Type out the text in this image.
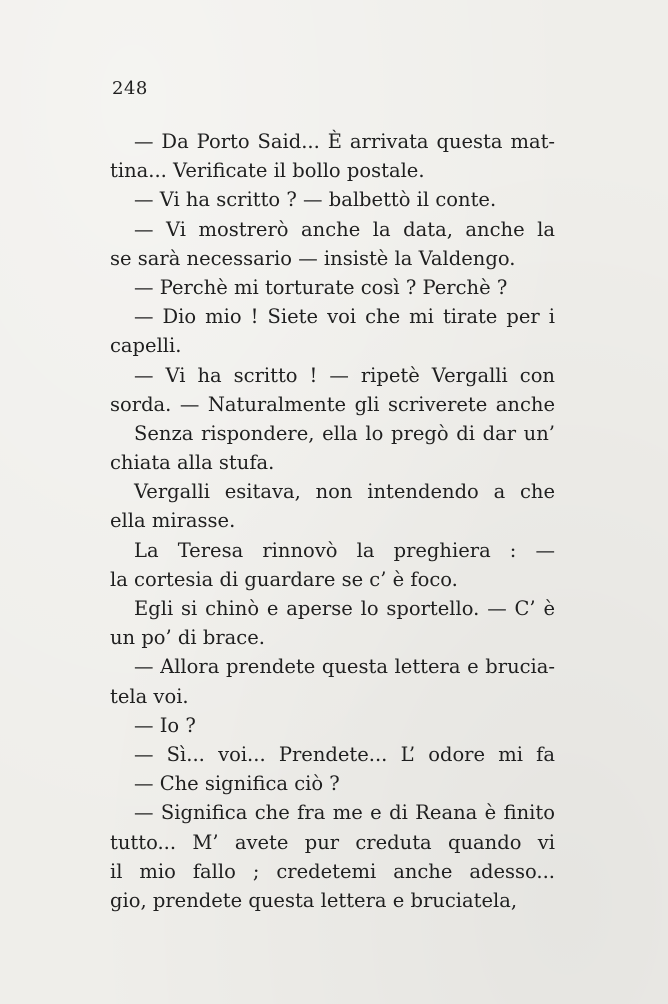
248
— Da Porto Said... È arrivata questa mat-
tina... Verificate il bollo postale.
— Vi ha scritto ? — balbettò il conte.
— Vi mostrerò anche la data, anche la
se sarà necessario — insistè la Valdengo.
— Perchè mi torturate così ? Perchè ?
— Dio mio ! Siete voi che mi tirate per i
capelli.
— Vi ha scritto ! — ripetè Vergalli con
sorda. — Naturalmente gli scriverete anche
Senza rispondere, ella lo pregò di dar un’
chiata alla stufa.
Vergalli esitava, non intendendo a che
ella mirasse.
La Teresa rinnovò la preghiera : —
la cortesia di guardare se c’ è foco.
Egli si chinò e aperse lo sportello. — C’ è
un po’ di brace.
— Allora prendete questa lettera e brucia-
tela voi.
— Io ?
— Sì... voi... Prendete... L’ odore mi fa
— Che significa ciò ?
— Significa che fra me e di Reana è finito
tutto... M’ avete pur creduta quando vi
il mio fallo ; credetemi anche adesso...
gio, prendete questa lettera e bruciatela,
